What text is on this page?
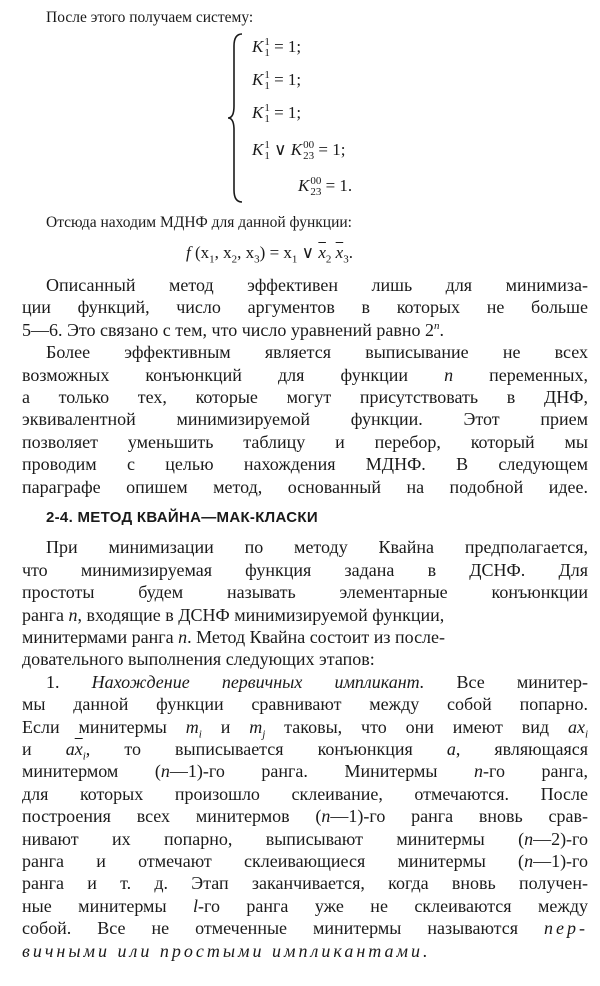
После этого получаем систему:
K 1
1 = 1;
K 1
1 = 1;
K 1
1 = 1;
K 1
1 ∨ K 00
23 = 1;
K 00
23 = 1.
Отсюда находим МДНФ для данной функции:
f ($x_1$, $x_2$, $x_3) = x_1$ ∨ $\overline{x}_2$ $\overline{x}_3$.
Описанный метод эффективен лишь для минимиза-
ции функций, число аргументов в которых не больше
5—6. Это связано с тем, что число уравнений равно 2$^n$.
Более эффективным является выписывание не всех
возможных конъюнкций для функции n переменных,
а только тех, которые могут присутствовать в ДНФ,
эквивалентной минимизируемой функции. Этот прием
позволяет уменьшить таблицу и перебор, который мы
проводим с целью нахождения МДНФ. В следующем
параграфе опишем метод, основанный на подобной идее.
2-4. МЕТОД КВАЙНА—МАК-КЛАСКИ
При минимизации по методу Квайна предполагается,
что минимизируемая функция задана в ДСНФ. Для
простоты будем называть элементарные конъюнкции
ранга n, входящие в ДСНФ минимизируемой функции,
минитермами ранга n. Метод Квайна состоит из после-
довательного выполнения следующих этапов:
1. Нахождение первичных импликант. Все минитер-
мы данной функции сравнивают между собой попарно.
Если минитермы $m_i$ и $m_j$ таковы, что они имеют вид $ax_i$
и $a\overline{x}_i$, то выписывается конъюнкция a, являющаяся
минитермом (n—1)-го ранга. Минитермы n-го ранга,
для которых произошло склеивание, отмечаются. После
построения всех минитермов (n—1)-го ранга вновь срав-
нивают их попарно, выписывают минитермы (n—2)-го
ранга и отмечают склеивающиеся минитермы (n—1)-го
ранга и т. д. Этап заканчивается, когда вновь получен-
ные минитермы l-го ранга уже не склеиваются между
собой. Все не отмеченные минитермы называются пер-
вичными или простыми импликантами.
